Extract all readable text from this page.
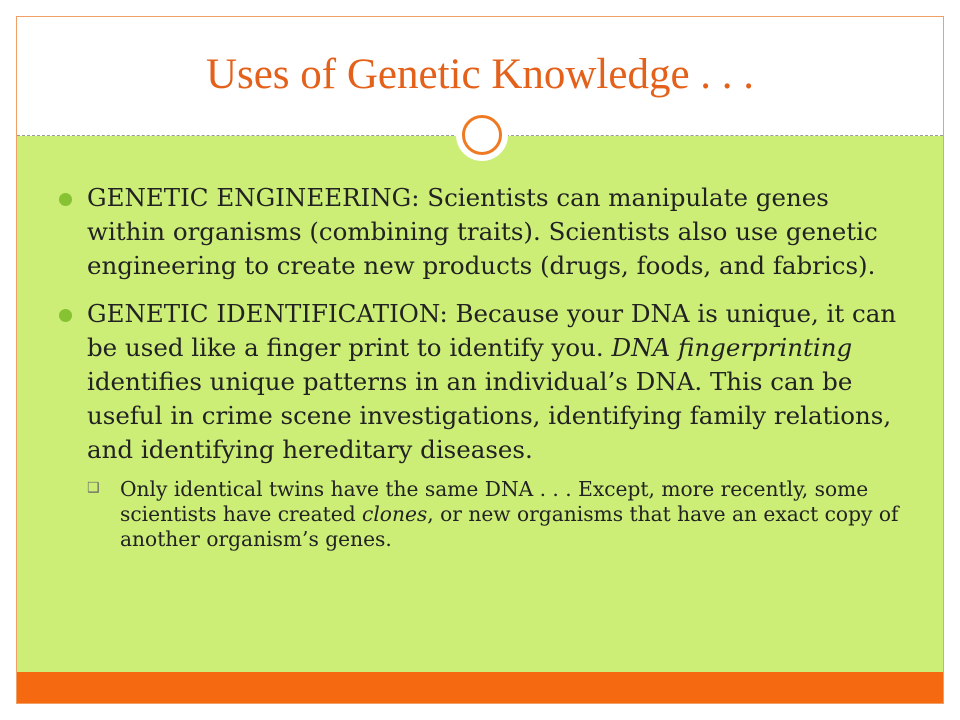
Uses of Genetic Knowledge . . .
GENETIC ENGINEERING: Scientists can manipulate genes within organisms (combining traits). Scientists also use genetic engineering to create new products (drugs, foods, and fabrics).
GENETIC IDENTIFICATION: Because your DNA is unique, it can be used like a finger print to identify you. DNA fingerprinting identifies unique patterns in an individual’s DNA. This can be useful in crime scene investigations, identifying family relations, and identifying hereditary diseases.
❑ Only identical twins have the same DNA . . . Except, more recently, some scientists have created clones, or new organisms that have an exact copy of another organism’s genes.
